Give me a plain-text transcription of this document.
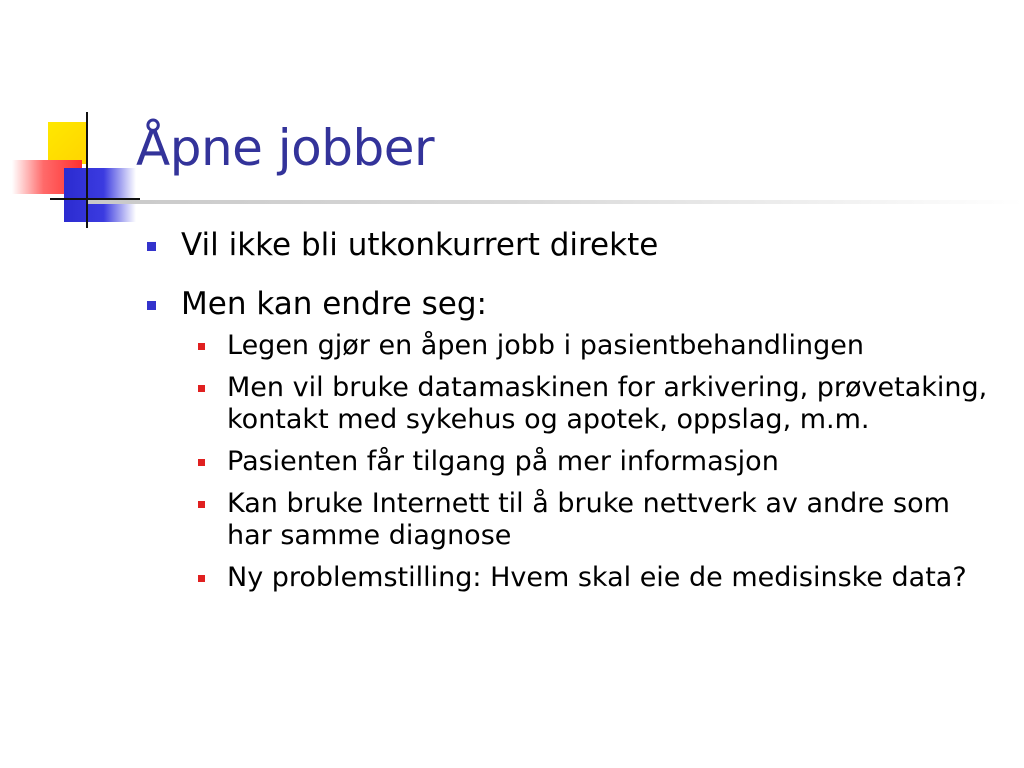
Åpne jobber
Vil ikke bli utkonkurrert direkte
Men kan endre seg:
Legen gjør en åpen jobb i pasientbehandlingen
Men vil bruke datamaskinen for arkivering, prøvetaking, kontakt med sykehus og apotek, oppslag, m.m.
Pasienten får tilgang på mer informasjon
Kan bruke Internett til å bruke nettverk av andre som har samme diagnose
Ny problemstilling: Hvem skal eie de medisinske data?
